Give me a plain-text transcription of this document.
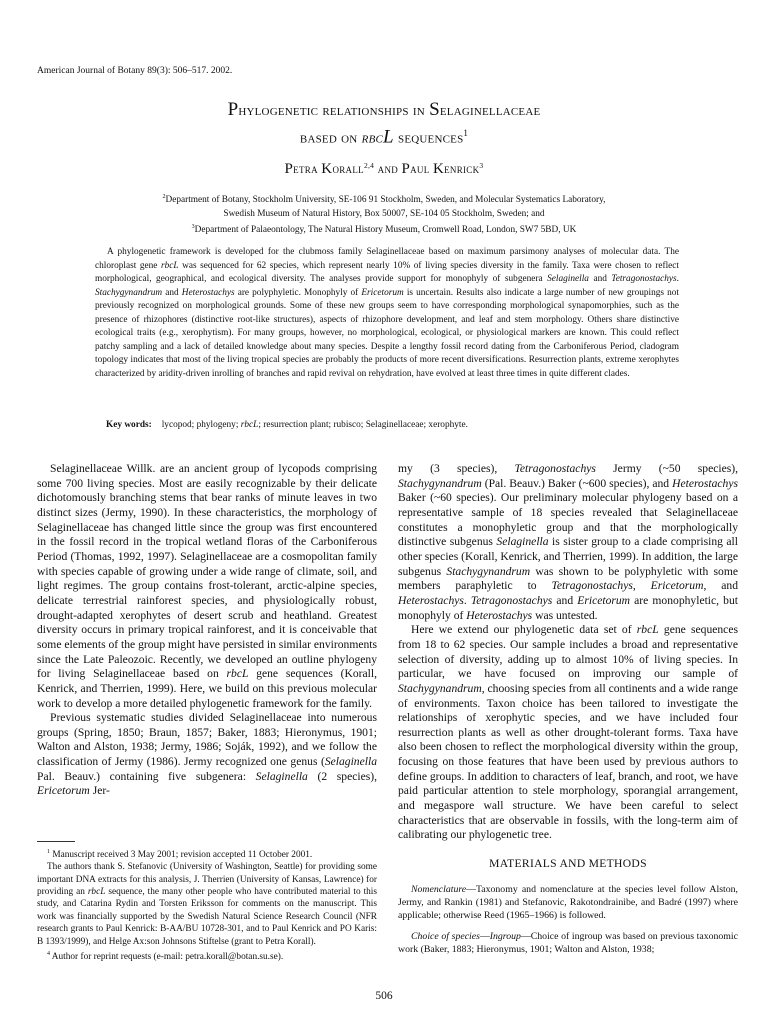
American Journal of Botany 89(3): 506–517. 2002.
Phylogenetic relationships in Selaginellaceae
based on rbcL sequences$^1$
Petra Korall$^{2,4}$ and Paul Kenrick$^3$
$^2$Department of Botany, Stockholm University, SE-106 91 Stockholm, Sweden, and Molecular Systematics Laboratory,
Swedish Museum of Natural History, Box 50007, SE-104 05 Stockholm, Sweden; and
$^3$Department of Palaeontology, The Natural History Museum, Cromwell Road, London, SW7 5BD, UK

A phylogenetic framework is developed for the clubmoss family Selaginellaceae based on maximum parsimony analyses of molecular data. The chloroplast gene rbcL was sequenced for 62 species, which represent nearly 10% of living species diversity in the family. Taxa were chosen to reflect morphological, geographical, and ecological diversity. The analyses provide support for monophyly of subgenera Selaginella and Tetragonostachys. Stachygynandrum and Heterostachys are polyphyletic. Monophyly of Ericetorum is uncertain. Results also indicate a large number of new groupings not previously recognized on morphological grounds. Some of these new groups seem to have corresponding morphological synapomorphies, such as the presence of rhizophores (distinctive root-like structures), aspects of rhizophore development, and leaf and stem morphology. Others share distinctive ecological traits (e.g., xerophytism). For many groups, however, no morphological, ecological, or physiological markers are known. This could reflect patchy sampling and a lack of detailed knowledge about many species. Despite a lengthy fossil record dating from the Carboniferous Period, cladogram topology indicates that most of the living tropical species are probably the products of more recent diversifications. Resurrection plants, extreme xerophytes characterized by aridity-driven inrolling of branches and rapid revival on rehydration, have evolved at least three times in quite different clades.

Key words: lycopod; phylogeny; rbcL; resurrection plant; rubisco; Selaginellaceae; xerophyte.

Selaginellaceae Willk. are an ancient group of lycopods comprising some 700 living species. Most are easily recognizable by their delicate dichotomously branching stems that bear ranks of minute leaves in two distinct sizes (Jermy, 1990). In these characteristics, the morphology of Selaginellaceae has changed little since the group was first encountered in the fossil record in the tropical wetland floras of the Carboniferous Period (Thomas, 1992, 1997). Selaginellaceae are a cosmopolitan family with species capable of growing under a wide range of climate, soil, and light regimes. The group contains frost-tolerant, arctic-alpine species, delicate terrestrial rainforest species, and physiologically robust, drought-adapted xerophytes of desert scrub and heathland. Greatest diversity occurs in primary tropical rainforest, and it is conceivable that some elements of the group might have persisted in similar environments since the Late Paleozoic. Recently, we developed an outline phylogeny for living Selaginellaceae based on rbcL gene sequences (Korall, Kenrick, and Therrien, 1999). Here, we build on this previous molecular work to develop a more detailed phylogenetic framework for the family.

Previous systematic studies divided Selaginellaceae into numerous groups (Spring, 1850; Braun, 1857; Baker, 1883; Hieronymus, 1901; Walton and Alston, 1938; Jermy, 1986; Soják, 1992), and we follow the classification of Jermy (1986). Jermy recognized one genus (Selaginella Pal. Beauv.) containing five subgenera: Selaginella (2 species), Ericetorum Jer-

$^1$ Manuscript received 3 May 2001; revision accepted 11 October 2001.

The authors thank S. Stefanovic (University of Washington, Seattle) for providing some important DNA extracts for this analysis, J. Therrien (University of Kansas, Lawrence) for providing an rbcL sequence, the many other people who have contributed material to this study, and Catarina Rydin and Torsten Eriksson for comments on the manuscript. This work was financially supported by the Swedish Natural Science Research Council (NFR research grants to Paul Kenrick: B-AA/BU 10728-301, and to Paul Kenrick and PO Karis: B 1393/1999), and Helge Ax:son Johnsons Stiftelse (grant to Petra Korall).

$^4$ Author for reprint requests (e-mail: petra.korall@botan.su.se).

my (3 species), Tetragonostachys Jermy (~50 species), Stachygynandrum (Pal. Beauv.) Baker (~600 species), and Heterostachys Baker (~60 species). Our preliminary molecular phylogeny based on a representative sample of 18 species revealed that Selaginellaceae constitutes a monophyletic group and that the morphologically distinctive subgenus Selaginella is sister group to a clade comprising all other species (Korall, Kenrick, and Therrien, 1999). In addition, the large subgenus Stachygynandrum was shown to be polyphyletic with some members paraphyletic to Tetragonostachys, Ericetorum, and Heterostachys. Tetragonostachys and Ericetorum are monophyletic, but monophyly of Heterostachys was untested.

Here we extend our phylogenetic data set of rbcL gene sequences from 18 to 62 species. Our sample includes a broad and representative selection of diversity, adding up to almost 10% of living species. In particular, we have focused on improving our sample of Stachygynandrum, choosing species from all continents and a wide range of environments. Taxon choice has been tailored to investigate the relationships of xerophytic species, and we have included four resurrection plants as well as other drought-tolerant forms. Taxa have also been chosen to reflect the morphological diversity within the group, focusing on those features that have been used by previous authors to define groups. In addition to characters of leaf, branch, and root, we have paid particular attention to stele morphology, sporangial arrangement, and megaspore wall structure. We have been careful to select characteristics that are observable in fossils, with the long-term aim of calibrating our phylogenetic tree.

MATERIALS AND METHODS

Nomenclature—Taxonomy and nomenclature at the species level follow Alston, Jermy, and Rankin (1981) and Stefanovic, Rakotondrainibe, and Badré (1997) where applicable; otherwise Reed (1965–1966) is followed.

Choice of species—Ingroup—Choice of ingroup was based on previous taxonomic work (Baker, 1883; Hieronymus, 1901; Walton and Alston, 1938;

506
